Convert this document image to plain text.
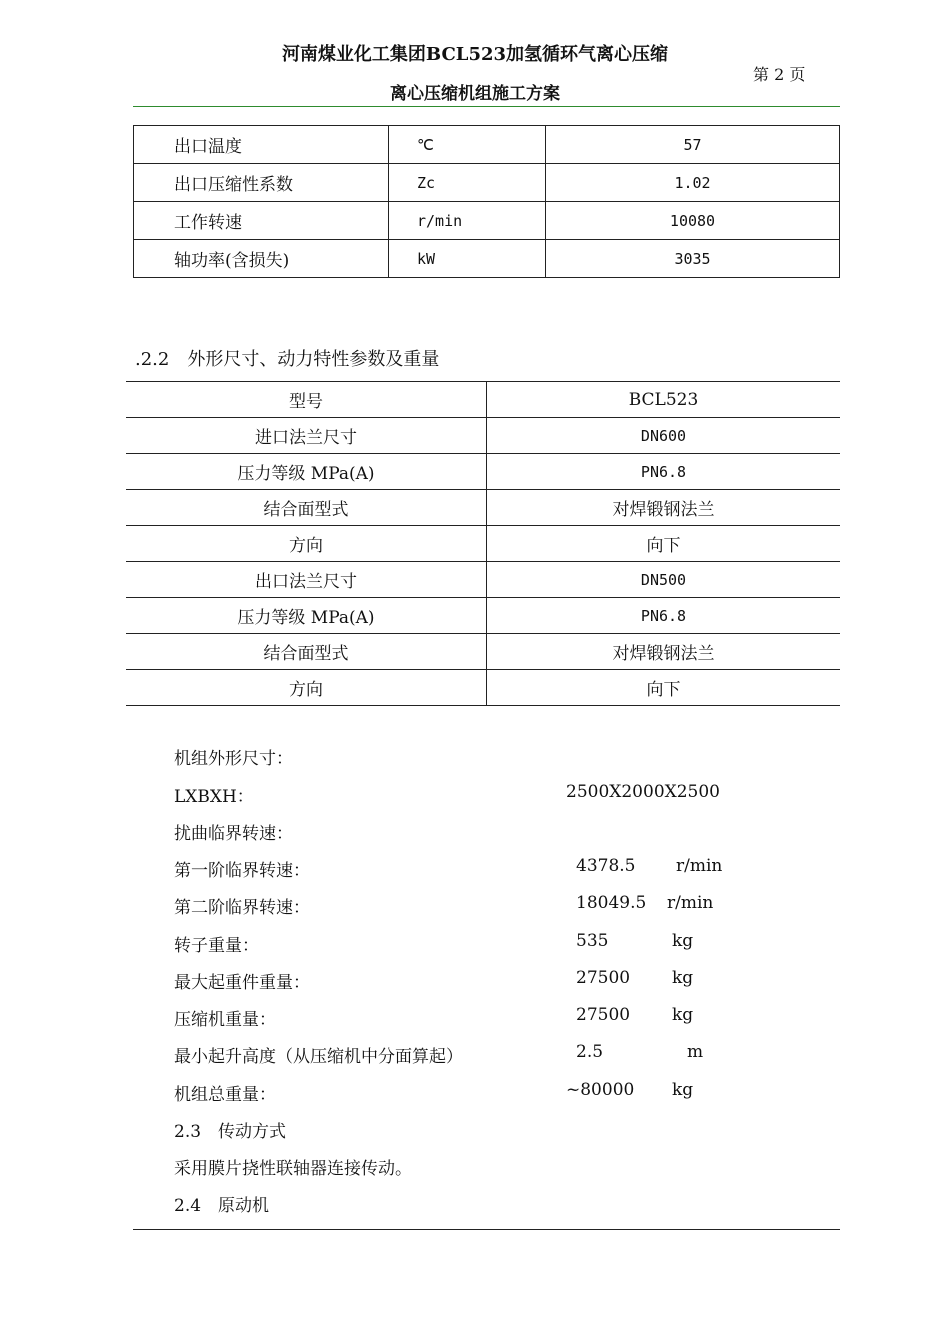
河南煤业化工集团BCL523加氢循环气离心压缩
第 2 页
离心压缩机组施工方案
出口温度	℃	57
出口压缩性系数	Zc	1.02
工作转速	r/min	10080
轴功率(含损失)	kW	3035
.2.2　外形尺寸、动力特性参数及重量
型号	BCL523
进口法兰尺寸	DN600
压力等级 MPa(A)	PN6.8
结合面型式	对焊锻钢法兰
方向	向下
出口法兰尺寸	DN500
压力等级 MPa(A)	PN6.8
结合面型式	对焊锻钢法兰
方向	向下
机组外形尺寸：
LXBXH：	2500X2000X2500
扰曲临界转速：
第一阶临界转速：	4378.5 r/min
第二阶临界转速：	18049.5 r/min
转子重量：	535	kg
最大起重件重量：	27500 kg
压缩机重量：	27500 kg
最小起升高度（从压缩机中分面算起）	2.5	m
机组总重量：	~80000 kg
2.3　传动方式
采用膜片挠性联轴器连接传动。
2.4　原动机
